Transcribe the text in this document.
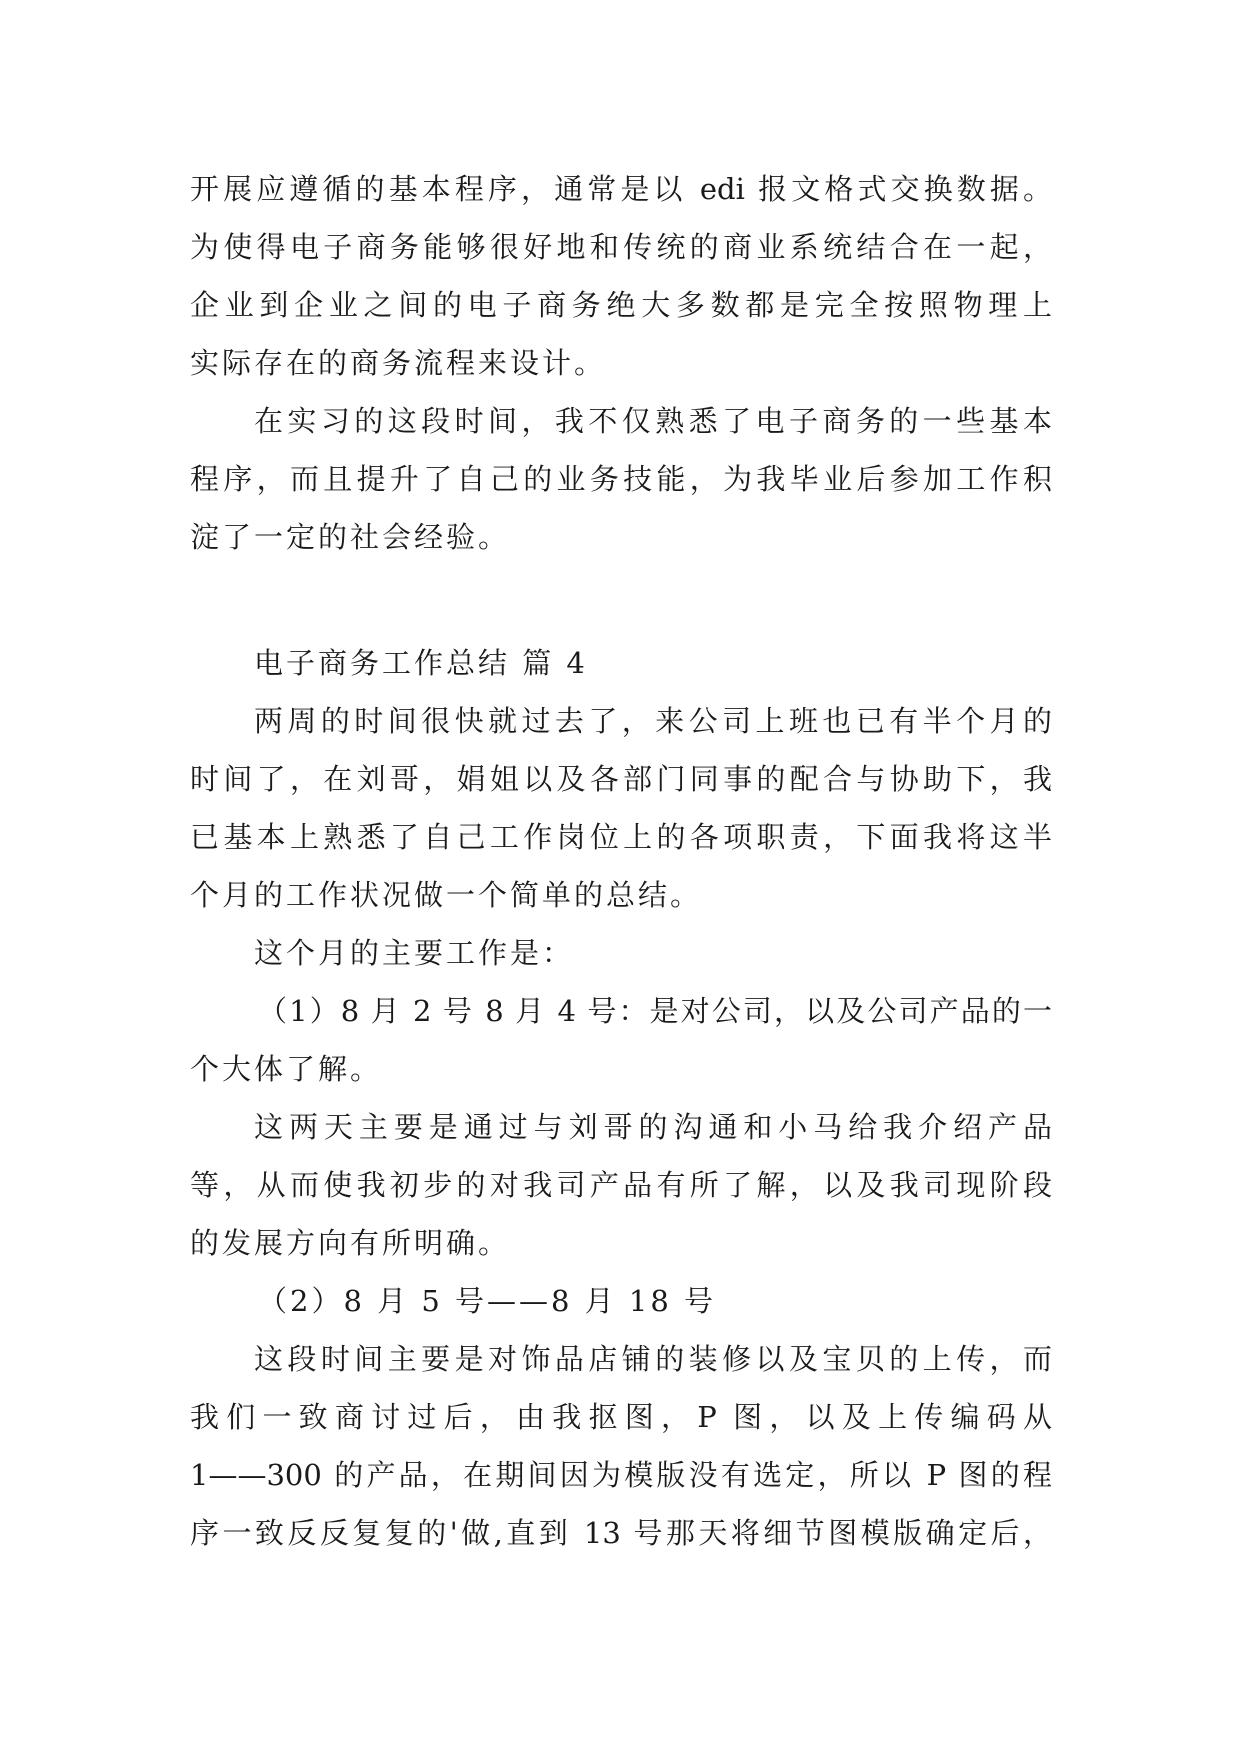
开展应遵循的基本程序，通常是以 edi 报文格式交换数据。
为使得电子商务能够很好地和传统的商业系统结合在一起，
企业到企业之间的电子商务绝大多数都是完全按照物理上
实际存在的商务流程来设计。
在实习的这段时间，我不仅熟悉了电子商务的一些基本
程序，而且提升了自己的业务技能，为我毕业后参加工作积
淀了一定的社会经验。
电子商务工作总结 篇 4
两周的时间很快就过去了，来公司上班也已有半个月的
时间了，在刘哥，娟姐以及各部门同事的配合与协助下，我
已基本上熟悉了自己工作岗位上的各项职责，下面我将这半
个月的工作状况做一个简单的总结。
这个月的主要工作是：
（1）8 月 2 号 8 月 4 号：是对公司，以及公司产品的一
个大体了解。
这两天主要是通过与刘哥的沟通和小马给我介绍产品
等，从而使我初步的对我司产品有所了解，以及我司现阶段
的发展方向有所明确。
（2）8 月 5 号——8 月 18 号
这段时间主要是对饰品店铺的装修以及宝贝的上传，而
我们一致商讨过后，由我抠图，P 图，以及上传编码从
1——300 的产品，在期间因为模版没有选定，所以 P 图的程
序一致反反复复的'做,直到 13 号那天将细节图模版确定后，
